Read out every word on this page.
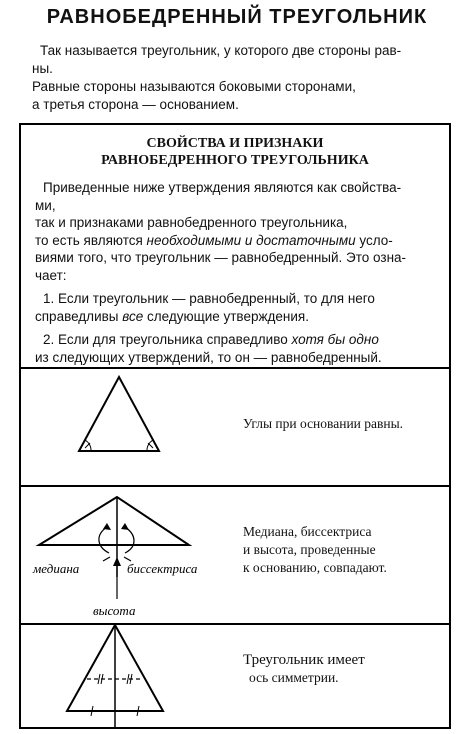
РАВНОБЕДРЕННЫЙ ТРЕУГОЛЬНИК
Так называется треугольник, у которого две стороны рав-
ны.
Равные стороны называются боковыми сторонами,
а третья сторона — основанием.
СВОЙСТВА И ПРИЗНАКИ
РАВНОБЕДРЕННОГО ТРЕУГОЛЬНИКА

Приведенные ниже утверждения являются как свойства-

ми,

так и признаками равнобедренного треугольника,

то есть являются необходимыми и достаточными усло-

виями того, что треугольник — равнобедренный. Это озна-

чает:

1. Если треугольник — равнобедренный, то для него

справедливы все следующие утверждения.

2. Если для треугольника справедливо хотя бы одно

из следующих утверждений, то он — равнобедренный.

Углы при основании равны.
медиана	биссектриса
высота
Медиана, биссектриса
и высота, проведенные
к основанию, совпадают.
Треугольник имеет
ось симметрии.
